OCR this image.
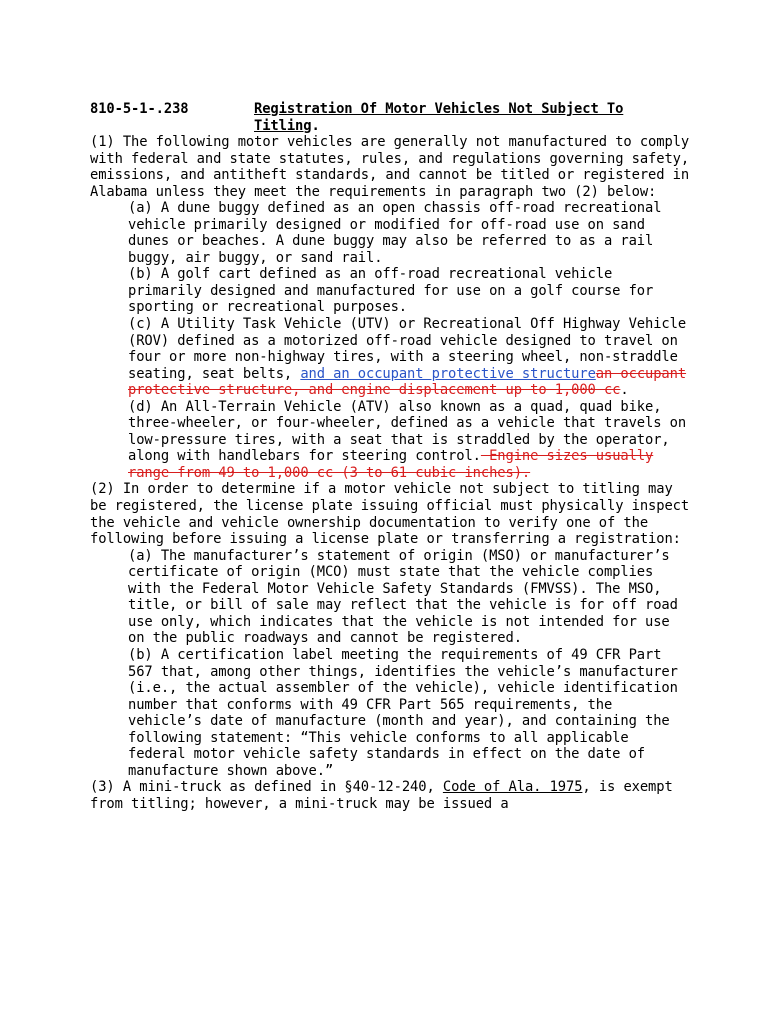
810-5-1-.238	Registration Of Motor Vehicles Not Subject To Titling.

(1) The following motor vehicles are generally not manufactured to comply with federal and state statutes, rules, and regulations governing safety, emissions, and antitheft standards, and cannot be titled or registered in Alabama unless they meet the requirements in paragraph two (2) below:

(a) A dune buggy defined as an open chassis off-road recreational vehicle primarily designed or modified for off-road use on sand dunes or beaches. A dune buggy may also be referred to as a rail buggy, air buggy, or sand rail.

(b) A golf cart defined as an off-road recreational vehicle primarily designed and manufactured for use on a golf course for sporting or recreational purposes.

(c) A Utility Task Vehicle (UTV) or Recreational Off Highway Vehicle (ROV) defined as a motorized off-road vehicle designed to travel on four or more non-highway tires, with a steering wheel, non-straddle seating, seat belts, and an occupant protective structurean occupant protective structure, and engine displacement up to 1,000 cc.

(d) An All-Terrain Vehicle (ATV) also known as a quad, quad bike, three-wheeler, or four-wheeler, defined as a vehicle that travels on low-pressure tires, with a seat that is straddled by the operator, along with handlebars for steering control. Engine sizes usually range from 49 to 1,000 cc (3 to 61 cubic inches).

(2) In order to determine if a motor vehicle not subject to titling may be registered, the license plate issuing official must physically inspect the vehicle and vehicle ownership documentation to verify one of the following before issuing a license plate or transferring a registration:

(a) The manufacturer’s statement of origin (MSO) or manufacturer’s certificate of origin (MCO) must state that the vehicle complies with the Federal Motor Vehicle Safety Standards (FMVSS). The MSO, title, or bill of sale may reflect that the vehicle is for off road use only, which indicates that the vehicle is not intended for use on the public roadways and cannot be registered.

(b) A certification label meeting the requirements of 49 CFR Part 567 that, among other things, identifies the vehicle’s manufacturer (i.e., the actual assembler of the vehicle), vehicle identification number that conforms with 49 CFR Part 565 requirements, the vehicle’s date of manufacture (month and year), and containing the following statement: “This vehicle conforms to all applicable federal motor vehicle safety standards in effect on the date of manufacture shown above.”

(3) A mini-truck as defined in §40-12-240, Code of Ala. 1975, is exempt from titling; however, a mini-truck may be issued a
